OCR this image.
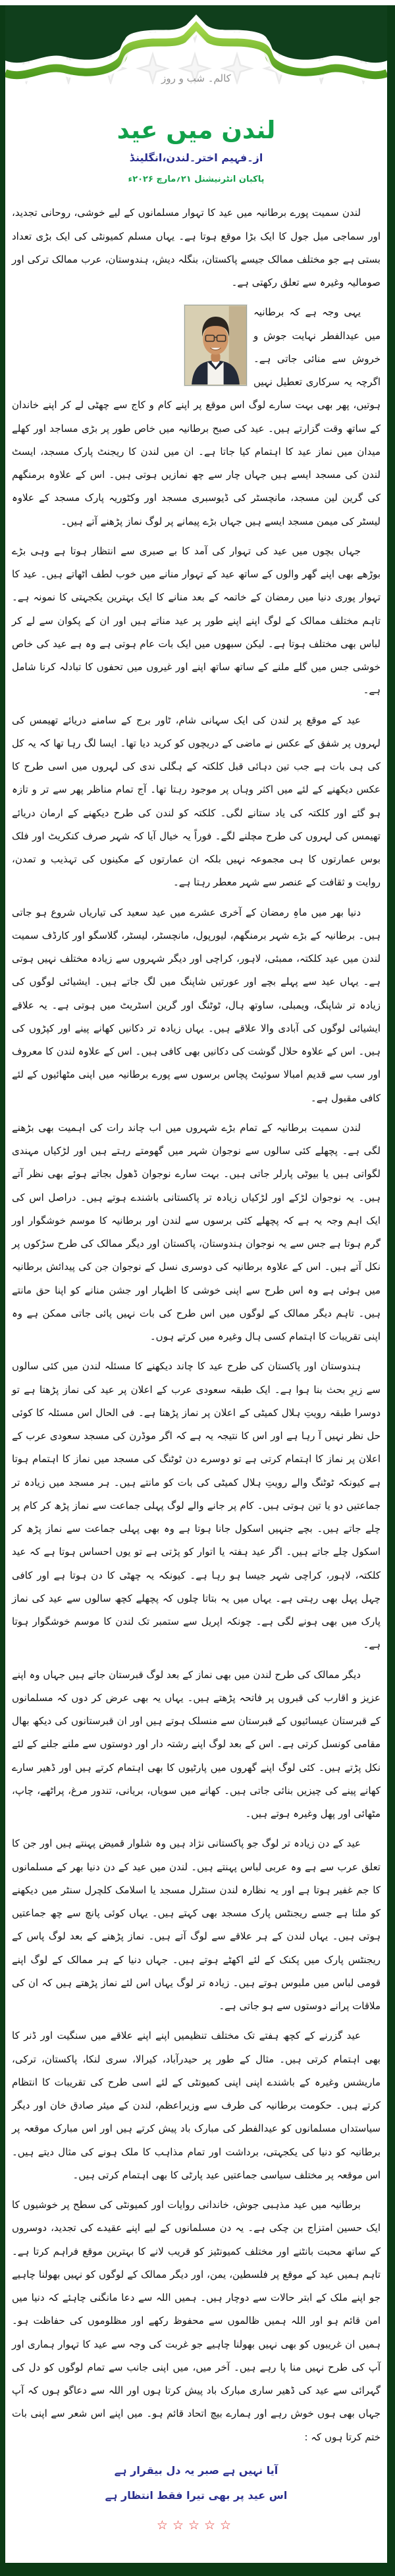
کالم۔ شب و روز
لندن میں عید
از۔فہیم اختر۔لندن،انگلینڈ
پاکبان انٹرنیشنل ۲۱؍مارچ ۲۰۲۶ء

لندن سمیت پورے برطانیہ میں عید کا تہوار مسلمانوں کے لیے خوشی، روحانی تجدید، اور سماجی میل جول کا ایک بڑا موقع ہوتا ہے۔ یہاں مسلم کمیونٹی کی ایک بڑی تعداد بستی ہے جو مختلف ممالک جیسے پاکستان، بنگلہ دیش، ہندوستان، عرب ممالک ترکی اور صومالیہ وغیرہ سے تعلق رکھتی ہے۔

یہی وجہ ہے کہ برطانیہ میں عیدالفطر نہایت جوش و خروش سے منائی جاتی ہے۔ اگرچہ یہ سرکاری تعطیل نہیں ہوتیں، پھر بھی بہت سارے لوگ اس موقع پر اپنے کام و کاج سے چھٹی لے کر اپنے خاندان کے ساتھ وقت گزارتے ہیں۔ عید کی صبح برطانیہ میں خاص طور پر بڑی مساجد اور کھلے میدان میں نماز عید کا اہتمام کیا جاتا ہے۔ ان میں لندن کا ریجنٹ پارک مسجد، ایسٹ لندن کی مسجد ایسے ہیں جہاں چار سے چھ نمازیں ہوتی ہیں۔ اس کے علاوہ برمنگھم کی گرین لین مسجد، مانچسٹر کی ڈیوسبری مسجد اور وکٹوریہ پارک مسجد کے علاوہ لیسٹر کی میمن مسجد ایسے ہیں جہاں بڑے پیمانے پر لوگ نماز پڑھنے آتے ہیں۔

جہاں بچوں میں عید کی تہوار کی آمد کا بے صبری سے انتظار ہوتا ہے وہی بڑے بوڑھے بھی اپنے گھر والوں کے ساتھ عید کے تہوار منانے میں خوب لطف اٹھاتے ہیں۔ عید کا تہوار پوری دنیا میں رمضان کے خاتمہ کے بعد منانے کا ایک بہترین یکجہتی کا نمونہ ہے۔ تاہم مختلف ممالک کے لوگ اپنے اپنے طور پر عید مناتے ہیں اور ان کے پکوان سے لے کر لباس بھی مختلف ہوتا ہے۔ لیکن سبھوں میں ایک بات عام ہوتی ہے وہ ہے عید کی خاص خوشی جس میں گلے ملنے کے ساتھ ساتھ اپنے اور غیروں میں تحفوں کا تبادلہ کرنا شامل ہے۔

عید کے موقع پر لندن کی ایک سہانی شام، ٹاور برج کے سامنے دریائے تھیمس کی لہروں پر شفق کے عکس نے ماضی کے دریچوں کو کرید دیا تھا۔ ایسا لگ رہا تھا کہ یہ کل کی ہی بات ہے جب تین دہائی قبل کلکتہ کے ہگلی ندی کی لہروں میں اسی طرح کا عکس دیکھنے کے لئے میں اکثر وہاں پر موجود رہتا تھا۔ آج تمام مناظر پھر سے تر و تازہ ہو گئے اور کلکتہ کی یاد ستانے لگی۔ کلکتہ کو لندن کی طرح دیکھنے کے ارمان دریائے تھیمس کی لہروں کی طرح مچلنے لگے۔ فوراً یہ خیال آیا کہ شہر صرف کنکریٹ اور فلک بوس عمارتوں کا ہی مجموعہ نہیں بلکہ ان عمارتوں کے مکینوں کی تہذیب و تمدن، روایت و ثقافت کے عنصر سے شہر معطر رہتا ہے۔

دنیا بھر میں ماہِ رمضان کے آخری عشرے میں عید سعید کی تیاریاں شروع ہو جاتی ہیں۔ برطانیہ کے بڑے شہر برمنگھم، لیورپول، مانچسٹر، لیسٹر، گلاسگو اور کارڈف سمیت لندن میں عید کلکتہ، ممبئی، لاہور، کراچی اور دیگر شہروں سے زیادہ مختلف نہیں ہوتی ہے۔ یہاں عید سے پہلے بچے اور عورتیں شاپنگ میں لگ جاتے ہیں۔ ایشیائی لوگوں کی زیادہ تر شاپنگ، ویمبلی، ساوتھ ہال، ٹوٹنگ اور گرین اسٹریٹ میں ہوتی ہے۔ یہ علاقے ایشیائی لوگوں کی آبادی والا علاقے ہیں۔ یہاں زیادہ تر دکانیں کھانے پینے اور کپڑوں کی ہیں۔ اس کے علاوہ حلال گوشت کی دکانیں بھی کافی ہیں۔ اس کے علاوہ لندن کا معروف اور سب سے قدیم امبالا سوئیٹ پچاس برسوں سے پورے برطانیہ میں اپنی مٹھائیوں کے لئے کافی مقبول ہے۔

لندن سمیت برطانیہ کے تمام بڑے شہروں میں اب چاند رات کی اہمیت بھی بڑھنے لگی ہے۔ پچھلے کئی سالوں سے نوجوان شہر میں گھومتے رہتے ہیں اور لڑکیاں مہندی لگواتی ہیں یا بیوٹی پارلر جاتی ہیں۔ بہت سارے نوجوان ڈھول بجاتے ہوئے بھی نظر آتے ہیں۔ یہ نوجوان لڑکے اور لڑکیاں زیادہ تر پاکستانی باشندے ہوتے ہیں۔ دراصل اس کی ایک اہم وجہ یہ ہے کہ پچھلے کئی برسوں سے لندن اور برطانیہ کا موسم خوشگوار اور گرم ہوتا ہے جس سے یہ نوجوان ہندوستان، پاکستان اور دیگر ممالک کی طرح سڑکوں پر نکل آتے ہیں۔ اس کے علاوہ برطانیہ کی دوسری نسل کے نوجوان جن کی پیدائش برطانیہ میں ہوئی ہے وہ اس طرح سے اپنی خوشی کا اظہار اور جشن منانے کو اپنا حق مانتے ہیں۔ تاہم دیگر ممالک کے لوگوں میں اس طرح کی بات نہیں پائی جاتی ممکن ہے وہ اپنی تقریبات کا اہتمام کسی ہال وغیرہ میں کرتے ہوں۔

ہندوستان اور پاکستان کی طرح عید کا چاند دیکھنے کا مسئلہ لندن میں کئی سالوں سے زیرِ بحث بنا ہوا ہے۔ ایک طبقہ سعودی عرب کے اعلان پر عید کی نماز پڑھتا ہے تو دوسرا طبقہ رویتِ ہلال کمیٹی کے اعلان پر نماز پڑھتا ہے۔ فی الحال اس مسئلہ کا کوئی حل نظر نہیں آ رہا ہے اور اس کا نتیجہ یہ ہے کہ اگر موڈرن کی مسجد سعودی عرب کے اعلان پر نماز کا اہتمام کرتی ہے تو دوسرے دن ٹوٹنگ کی مسجد میں نماز کا اہتمام ہوتا ہے کیونکہ ٹوٹنگ والے رویتِ ہلال کمیٹی کی بات کو مانتے ہیں۔ ہر مسجد میں زیادہ تر جماعتیں دو یا تین ہوتی ہیں۔ کام پر جانے والے لوگ پہلی جماعت سے نماز پڑھ کر کام پر چلے جاتے ہیں۔ بچے جنہیں اسکول جانا ہوتا ہے وہ بھی پہلی جماعت سے نماز پڑھ کر اسکول چلے جاتے ہیں۔ اگر عید ہفتہ یا اتوار کو پڑتی ہے تو یوں احساس ہوتا ہے کہ عید کلکتہ، لاہور، کراچی شہر جیسا ہو رہا ہے۔ کیونکہ یہ چھٹی کا دن ہوتا ہے اور کافی چہل پہل بھی رہتی ہے۔ یہاں میں یہ بتاتا چلوں کہ پچھلے کچھ سالوں سے عید کی نماز پارک میں بھی ہونے لگی ہے۔ چونکہ اپریل سے ستمبر تک لندن کا موسم خوشگوار ہوتا ہے۔

دیگر ممالک کی طرح لندن میں بھی نماز کے بعد لوگ قبرستان جاتے ہیں جہاں وہ اپنے عزیز و اقارب کی قبروں پر فاتحہ پڑھتے ہیں۔ یہاں یہ بھی عرض کر دوں کہ مسلمانوں کے قبرستان عیسائیوں کے قبرستان سے منسلک ہوتے ہیں اور ان قبرستانوں کی دیکھ بھال مقامی کونسل کرتی ہے۔ اس کے بعد لوگ اپنے رشتہ دار اور دوستوں سے ملنے جلنے کے لئے نکل پڑتے ہیں۔ کئی لوگ اپنے گھروں میں پارٹیوں کا بھی اہتمام کرتے ہیں اور ڈھیر سارے کھانے پینے کی چیزیں بنائی جاتی ہیں۔ کھانے میں سویاں، بریانی، تندور مرغ، پراٹھے، چاپ، مٹھائی اور پھل وغیرہ ہوتے ہیں۔

عید کے دن زیادہ تر لوگ جو پاکستانی نژاد ہیں وہ شلوار قمیض پہنتے ہیں اور جن کا تعلق عرب سے ہے وہ عربی لباس پہنتے ہیں۔ لندن میں عید کے دن دنیا بھر کے مسلمانوں کا جم غفیر ہوتا ہے اور یہ نظارہ لندن سنٹرل مسجد یا اسلامک کلچرل سنٹر میں دیکھنے کو ملتا ہے جسے ریجنٹس پارک مسجد بھی کہتے ہیں۔ یہاں کوئی پانچ سے چھ جماعتیں ہوتی ہیں۔ یہاں لندن کے ہر علاقے سے لوگ آتے ہیں۔ نماز پڑھنے کے بعد لوگ پاس کے ریجنٹس پارک میں پکنک کے لئے اکھٹے ہوتے ہیں۔ جہاں دنیا کے ہر ممالک کے لوگ اپنے قومی لباس میں ملبوس ہوتے ہیں۔ زیادہ تر لوگ یہاں اس لئے نماز پڑھتے ہیں کہ ان کی ملاقات پرانے دوستوں سے ہو جاتی ہے۔

عید گزرنے کے کچھ ہفتے تک مختلف تنظیمیں اپنے اپنے علاقے میں سنگیت اور ڈنر کا بھی اہتمام کرتی ہیں۔ مثال کے طور پر حیدرآباد، کیرالا، سری لنکا، پاکستان، ترکی، ماریشس وغیرہ کے باشندے اپنی اپنی کمیونٹی کے لئے اسی طرح کی تقریبات کا انتظام کرتے ہیں۔ حکومت برطانیہ کی طرف سے وزیراعظم، لندن کے میئر صادق خان اور دیگر سیاستداں مسلمانوں کو عیدالفطر کی مبارک باد پیش کرتے ہیں اور اس مبارک موقعہ پر برطانیہ کو دنیا کی یکجہتی، برداشت اور تمام مذاہب کا ملک ہونے کی مثال دیتے ہیں۔ اس موقعہ پر مختلف سیاسی جماعتیں عید پارٹی کا بھی اہتمام کرتی ہیں۔

برطانیہ میں عید مذہبی جوش، خاندانی روایات اور کمیونٹی کی سطح پر خوشیوں کا ایک حسین امتزاج بن چکی ہے۔ یہ دن مسلمانوں کے لیے اپنے عقیدے کی تجدید، دوسروں کے ساتھ محبت بانٹنے اور مختلف کمیونٹیز کو قریب لانے کا بہترین موقع فراہم کرتا ہے۔ تاہم ہمیں عید کے موقع پر فلسطین، یمن، اور دیگر ممالک کے لوگوں کو نہیں بھولنا چاہیے جو اپنے ملک کے ابتر حالات سے دوچار ہیں۔ ہمیں اللہ سے دعا مانگنی چاہئے کہ دنیا میں امن قائم ہو اور اللہ ہمیں ظالموں سے محفوظ رکھے اور مظلوموں کی حفاظت ہو۔ ہمیں ان غریبوں کو بھی نہیں بھولنا چاہیے جو غربت کی وجہ سے عید کا تہوار ہماری اور آپ کی طرح نہیں منا پا رہے ہیں۔ آخر میں، میں اپنی جانب سے تمام لوگوں کو دل کی گہرائی سے عید کی ڈھیر ساری مبارک باد پیش کرتا ہوں اور اللہ سے دعاگو ہوں کہ آپ جہاں بھی ہوں خوش رہے اور ہمارے بیچ اتحاد قائم ہو۔ میں اپنے اس شعر سے اپنی بات ختم کرتا ہوں کہ :

آیا نہیں ہے صبر یہ دل بیقرار ہے
اس عید پر بھی تیرا فقط انتظار ہے
☆☆☆☆☆
